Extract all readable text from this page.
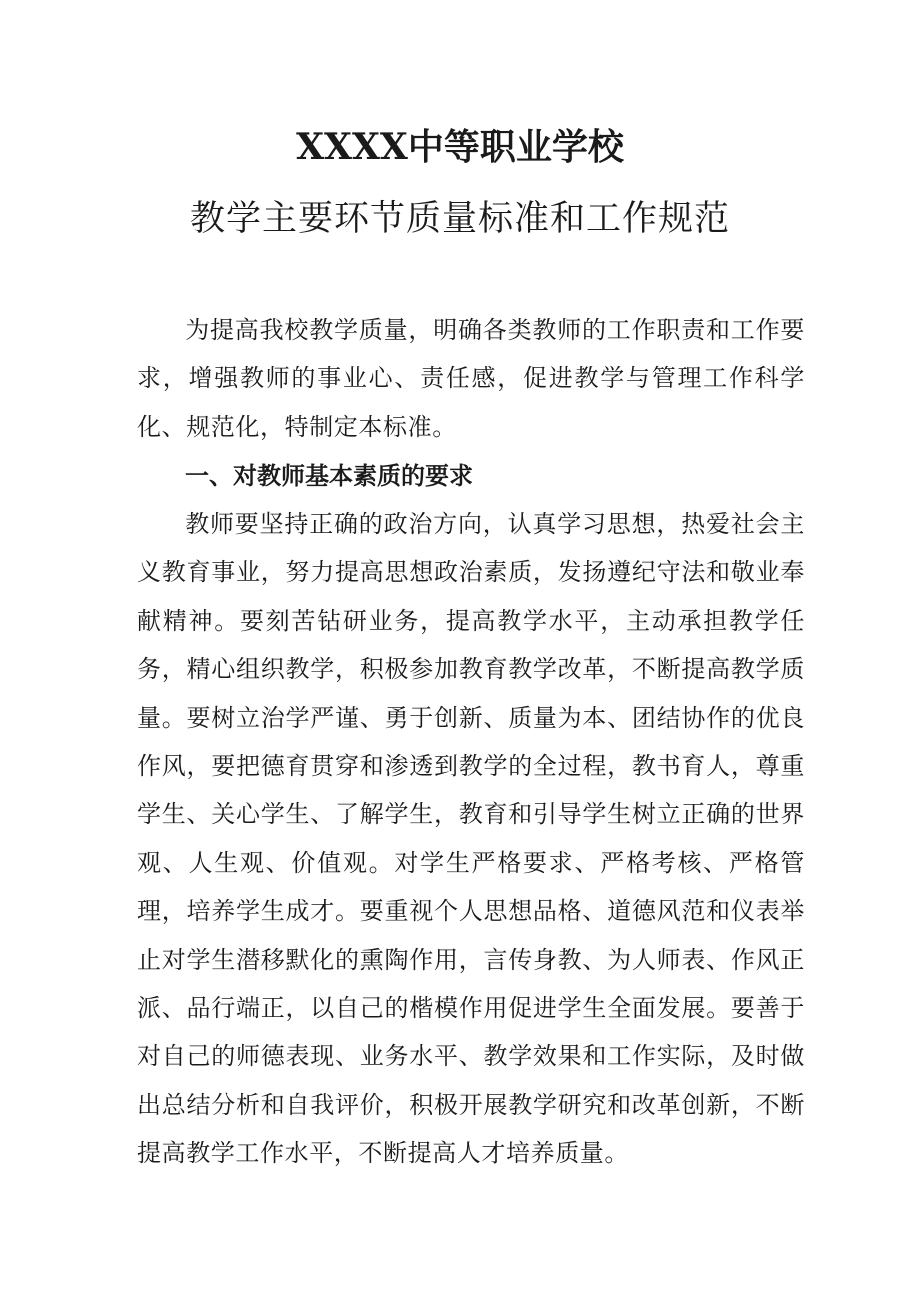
XXXX中等职业学校
教学主要环节质量标准和工作规范

为提高我校教学质量，明确各类教师的工作职责和工作要求，增强教师的事业心、责任感，促进教学与管理工作科学化、规范化，特制定本标准。

一、对教师基本素质的要求

教师要坚持正确的政治方向，认真学习思想，热爱社会主义教育事业，努力提高思想政治素质，发扬遵纪守法和敬业奉献精神。要刻苦钻研业务，提高教学水平，主动承担教学任务，精心组织教学，积极参加教育教学改革，不断提高教学质量。要树立治学严谨、勇于创新、质量为本、团结协作的优良作风，要把德育贯穿和渗透到教学的全过程，教书育人，尊重学生、关心学生、了解学生，教育和引导学生树立正确的世界观、人生观、价值观。对学生严格要求、严格考核、严格管理，培养学生成才。要重视个人思想品格、道德风范和仪表举止对学生潜移默化的熏陶作用，言传身教、为人师表、作风正派、品行端正，以自己的楷模作用促进学生全面发展。要善于对自己的师德表现、业务水平、教学效果和工作实际，及时做出总结分析和自我评价，积极开展教学研究和改革创新，不断提高教学工作水平，不断提高人才培养质量。
